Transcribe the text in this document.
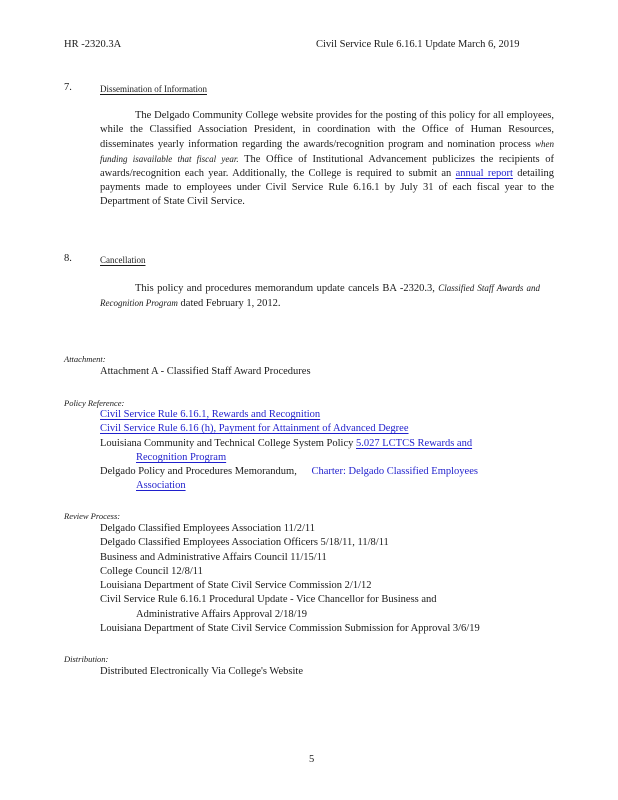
HR -2320.3A	Civil Service Rule 6.16.1 Update March 6, 2019
7.	Dissemination of Information
The Delgado Community College website provides for the posting of this policy for all employees, while the Classified Association President, in coordination with the Office of Human Resources, disseminates yearly information regarding the awards/recognition program and nomination process when funding isavailable that fiscal year. The Office of Institutional Advancement publicizes the recipients of awards/recognition each year. Additionally, the College is required to submit an annual report detailing payments made to employees under Civil Service Rule 6.16.1 by July 31 of each fiscal year to the Department of State Civil Service.
8.	Cancellation
This policy and procedures memorandum update cancels BA -2320.3, Classified Staff Awards and Recognition Program dated February 1, 2012.
Attachment:
Attachment A - Classified Staff Award Procedures
Policy Reference:
Civil Service Rule 6.16.1, Rewards and Recognition
Civil Service Rule 6.16 (h), Payment for Attainment of Advanced Degree
Louisiana Community and Technical College System Policy 5.027 LCTCS Rewards and
Recognition Program
Delgado Policy and Procedures Memorandum, Charter: Delgado Classified Employees
Association
Review Process:
Delgado Classified Employees Association 11/2/11
Delgado Classified Employees Association Officers 5/18/11, 11/8/11
Business and Administrative Affairs Council 11/15/11
College Council 12/8/11
Louisiana Department of State Civil Service Commission 2/1/12
Civil Service Rule 6.16.1 Procedural Update - Vice Chancellor for Business and
Administrative Affairs Approval 2/18/19
Louisiana Department of State Civil Service Commission Submission for Approval 3/6/19
Distribution:
Distributed Electronically Via College's Website
5
